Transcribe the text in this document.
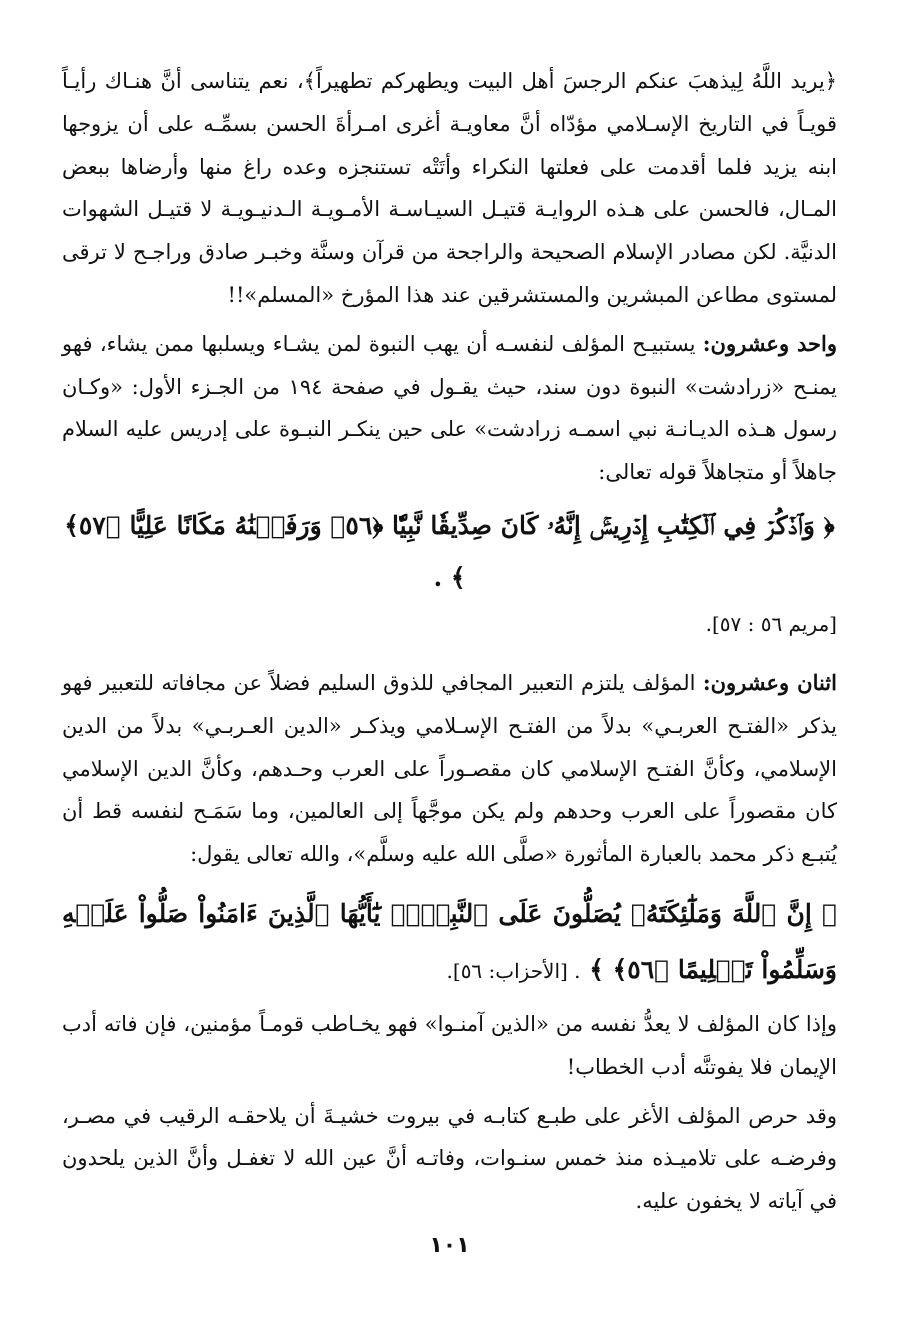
﴿يريد اللَّهُ لِيذهبَ عنكم الرجسَ أهل البيت ويطهركم تطهيراً﴾، نعم يتناسى أنَّ هنـاك رأيـاً قويـاً في التاريخ الإسـلامي مؤدّاه أنَّ معاويـة أغرى امـرأةَ الحسن بسمِّـه على أن يزوجها ابنه يزيد فلما أقدمت على فعلتها النكراء وأتَتْه تستنجزه وعده راغ منها وأرضاها ببعض المـال، فالحسن على هـذه الروايـة قتيـل السيـاسـة الأمـويـة الـدنيـويـة لا قتيـل الشهوات الدنيَّة. لكن مصادر الإسلام الصحيحة والراجحة من قرآن وسنَّة وخبـر صادق وراجـح لا ترقى لمستوى مطاعن المبشرين والمستشرقين عند هذا المؤرخ «المسلم»!!

واحد وعشرون: يستبيـح المؤلف لنفسـه أن يهب النبوة لمن يشـاء ويسلبها ممن يشاء، فهو يمنـح «زرادشت» النبوة دون سند، حيث يقـول في صفحة ١٩٤ من الجـزء الأول: «وكـان رسول هـذه الديـانـة نبي اسمـه زرادشت» على حين ينكـر النبـوة على إدريس عليه السلام جاهلاً أو متجاهلاً قوله تعالى:

﴿ وَٱذۡكُرۡ فِي ٱلۡكِتَٰبِ إِدۡرِيسَۚ إِنَّهُۥ كَانَ صِدِّيقٗا نَّبِيّٗا ﴿٥٦﴾ وَرَفَعۡنَٰهُ مَكَانًا عَلِيًّا ﴿٥٧﴾ ﴾ .

[مريم ٥٦ : ٥٧].

اثنان وعشرون: المؤلف يلتزم التعبير المجافي للذوق السليم فضلاً عن مجافاته للتعبير فهو يذكر «الفتـح العربـي» بدلاً من الفتـح الإسـلامي ويذكـر «الدين العـربـي» بدلاً من الدين الإسلامي، وكأنَّ الفتـح الإسلامي كان مقصـوراً على العرب وحـدهم، وكأنَّ الدين الإسلامي كان مقصوراً على العرب وحدهم ولم يكن موجَّهاً إلى العالمين، وما سَمَـح لنفسه قط أن يُتبـع ذكر محمد بالعبارة المأثورة «صلَّى الله عليه وسلَّم»، والله تعالى يقول:

﴿ إِنَّ ٱللَّهَ وَمَلَٰٓئِكَتَهُۥ يُصَلُّونَ عَلَى ٱلنَّبِيِّۚ يَٰٓأَيُّهَا ٱلَّذِينَ ءَامَنُواْ صَلُّواْ عَلَيۡهِ وَسَلِّمُواْ تَسۡلِيمًا ﴿٥٦﴾ ﴾ . [الأحزاب: ٥٦].

وإذا كان المؤلف لا يعدُّ نفسه من «الذين آمنـوا» فهو يخـاطب قومـاً مؤمنين، فإن فاته أدب الإيمان فلا يفوتنَّه أدب الخطاب!

وقد حرص المؤلف الأغر على طبـع كتابـه في بيروت خشيـةَ أن يلاحقـه الرقيب في مصـر، وفرضـه على تلاميـذه منذ خمس سنـوات، وفاتـه أنَّ عين الله لا تغفـل وأنَّ الذين يلحدون في آياته لا يخفون عليه.

١٠١
